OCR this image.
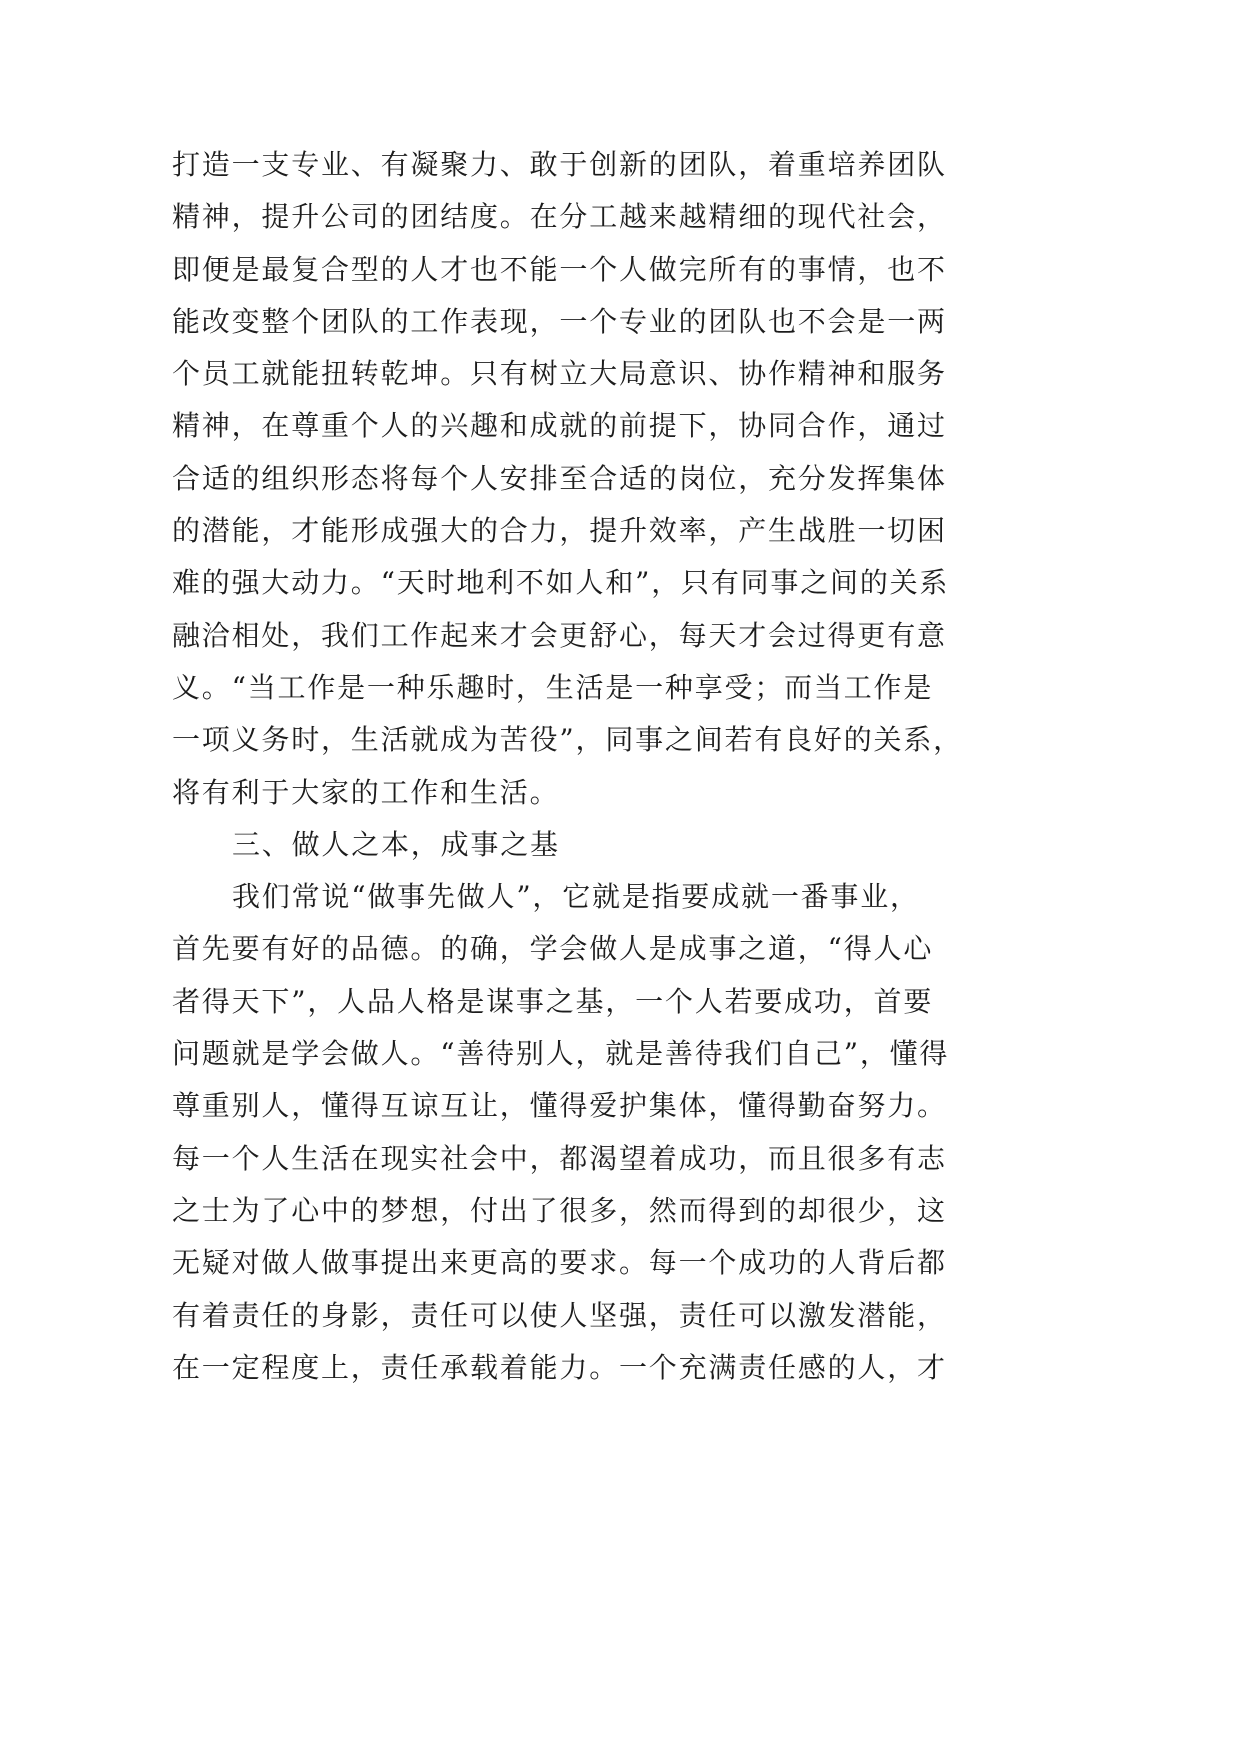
打造一支专业、有凝聚力、敢于创新的团队，着重培养团队
精神，提升公司的团结度。在分工越来越精细的现代社会，
即便是最复合型的人才也不能一个人做完所有的事情，也不
能改变整个团队的工作表现，一个专业的团队也不会是一两
个员工就能扭转乾坤。只有树立大局意识、协作精神和服务
精神，在尊重个人的兴趣和成就的前提下，协同合作，通过
合适的组织形态将每个人安排至合适的岗位，充分发挥集体
的潜能，才能形成强大的合力，提升效率，产生战胜一切困
难的强大动力。“天时地利不如人和”，只有同事之间的关系
融洽相处，我们工作起来才会更舒心，每天才会过得更有意
义。“当工作是一种乐趣时，生活是一种享受；而当工作是
一项义务时，生活就成为苦役”，同事之间若有良好的关系，
将有利于大家的工作和生活。
三、做人之本，成事之基
我们常说“做事先做人”，它就是指要成就一番事业，
首先要有好的品德。的确，学会做人是成事之道，“得人心
者得天下”，人品人格是谋事之基，一个人若要成功，首要
问题就是学会做人。“善待别人，就是善待我们自己”，懂得
尊重别人，懂得互谅互让，懂得爱护集体，懂得勤奋努力。
每一个人生活在现实社会中，都渴望着成功，而且很多有志
之士为了心中的梦想，付出了很多，然而得到的却很少，这
无疑对做人做事提出来更高的要求。每一个成功的人背后都
有着责任的身影，责任可以使人坚强，责任可以激发潜能，
在一定程度上，责任承载着能力。一个充满责任感的人，才
